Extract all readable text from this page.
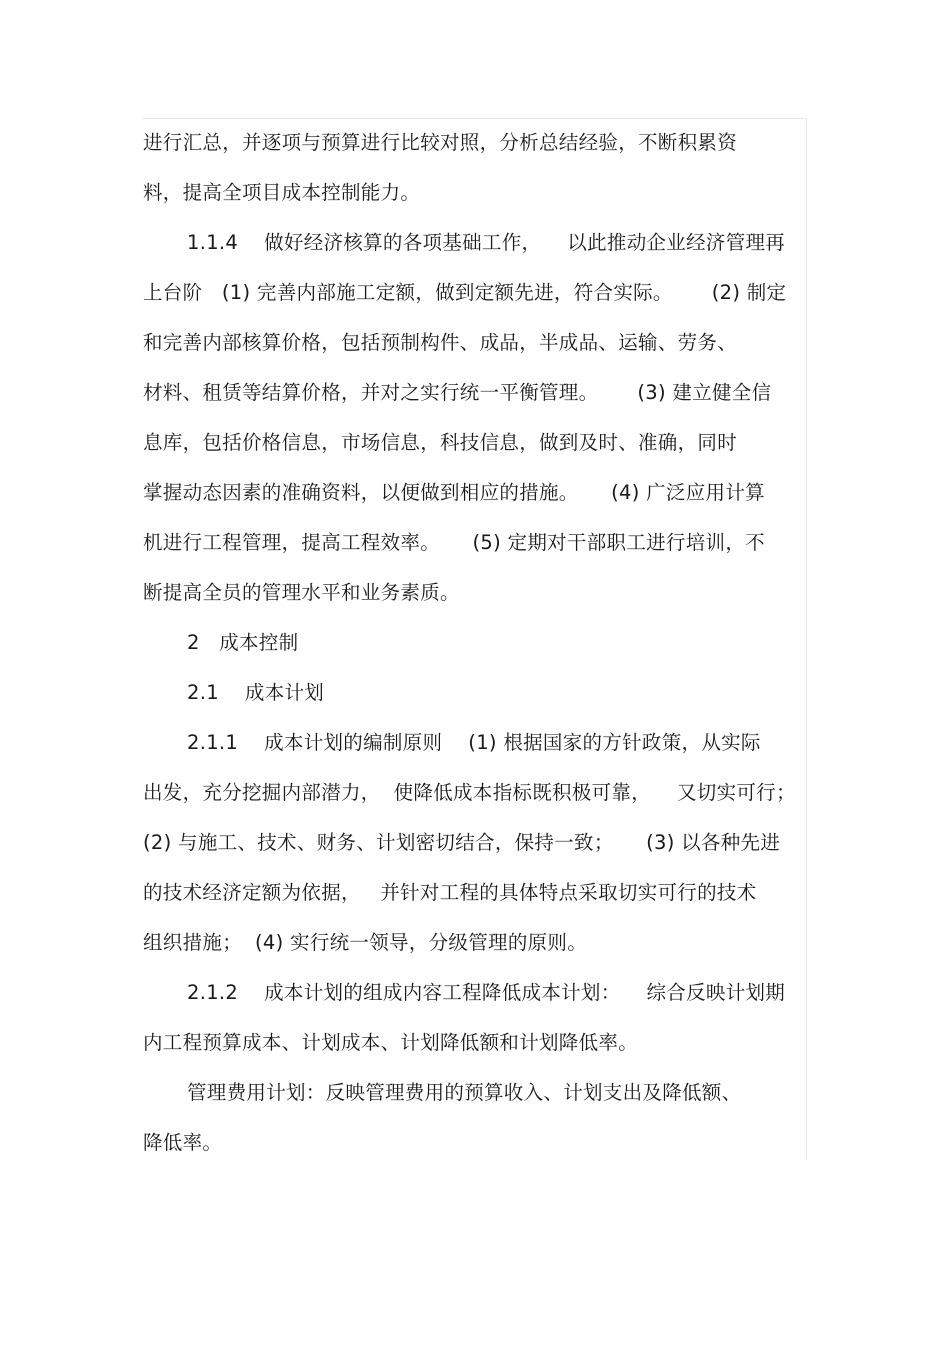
进行汇总，并逐项与预算进行比较对照，分析总结经验，不断积累资
料，提高全项目成本控制能力。
1.1.4    做好经济核算的各项基础工作，    以此推动企业经济管理再
上台阶   (1) 完善内部施工定额，做到定额先进，符合实际。      (2) 制定
和完善内部核算价格，包括预制构件、成品，半成品、运输、劳务、
材料、租赁等结算价格，并对之实行统一平衡管理。      (3) 建立健全信
息库，包括价格信息，市场信息，科技信息，做到及时、准确，同时
掌握动态因素的准确资料，以便做到相应的措施。     (4) 广泛应用计算
机进行工程管理，提高工程效率。     (5) 定期对干部职工进行培训，不
断提高全员的管理水平和业务素质。
2   成本控制
2.1    成本计划
2.1.1    成本计划的编制原则    (1) 根据国家的方针政策，从实际
出发，充分挖掘内部潜力，  使降低成本指标既积极可靠，    又切实可行；
(2) 与施工、技术、财务、计划密切结合，保持一致；     (3) 以各种先进
的技术经济定额为依据，   并针对工程的具体特点采取切实可行的技术
组织措施；  (4) 实行统一领导，分级管理的原则。
2.1.2    成本计划的组成内容工程降低成本计划：    综合反映计划期
内工程预算成本、计划成本、计划降低额和计划降低率。
管理费用计划：反映管理费用的预算收入、计划支出及降低额、
降低率。
